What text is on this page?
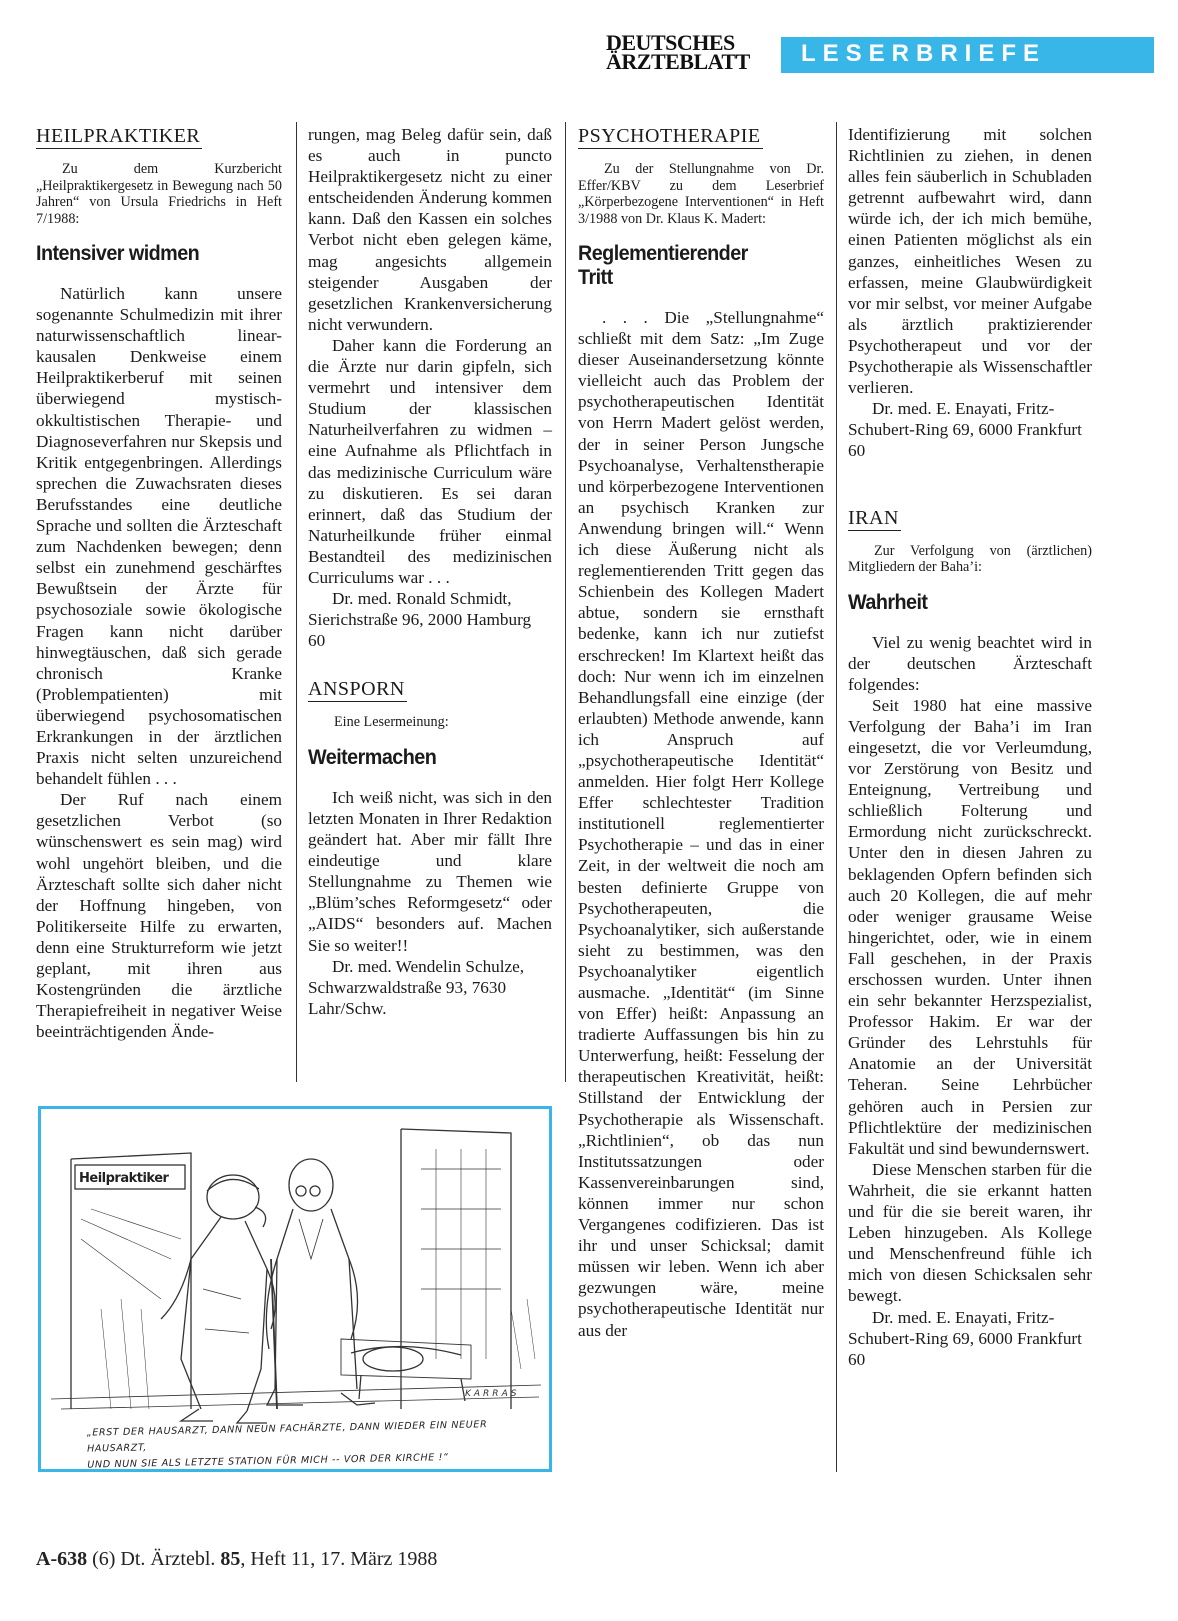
DEUTSCHES
ÄRZTEBLATT	LESERBRIEFE
HEILPRAKTIKER
Zu dem Kurzbericht „Heilpraktikergesetz in Bewegung nach 50 Jahren“ von Ursula Friedrichs in Heft 7/1988:
Intensiver widmen

Natürlich kann unsere sogenannte Schulmedizin mit ihrer naturwissenschaftlich linear-kausalen Denkweise einem Heilpraktikerberuf mit seinen überwiegend mystisch-okkultistischen Therapie- und Diagnoseverfahren nur Skepsis und Kritik entgegenbringen. Allerdings sprechen die Zuwachsraten dieses Berufsstandes eine deutliche Sprache und sollten die Ärzteschaft zum Nachdenken bewegen; denn selbst ein zunehmend geschärftes Bewußtsein der Ärzte für psychosoziale sowie ökologische Fragen kann nicht darüber hinwegtäuschen, daß sich gerade chronisch Kranke (Problempatienten) mit überwiegend psychosomatischen Erkrankungen in der ärztlichen Praxis nicht selten unzureichend behandelt fühlen . . .

Der Ruf nach einem gesetzlichen Verbot (so wünschenswert es sein mag) wird wohl ungehört bleiben, und die Ärzteschaft sollte sich daher nicht der Hoffnung hingeben, von Politikerseite Hilfe zu erwarten, denn eine Strukturreform wie jetzt geplant, mit ihren aus Kostengründen die ärztliche Therapiefreiheit in negativer Weise beeinträchtigenden Ände-

rungen, mag Beleg dafür sein, daß es auch in puncto Heilpraktikergesetz nicht zu einer entscheidenden Änderung kommen kann. Daß den Kassen ein solches Verbot nicht eben gelegen käme, mag angesichts allgemein steigender Ausgaben der gesetzlichen Krankenversicherung nicht verwundern.

Daher kann die Forderung an die Ärzte nur darin gipfeln, sich vermehrt und intensiver dem Studium der klassischen Naturheilverfahren zu widmen – eine Aufnahme als Pflichtfach in das medizinische Curriculum wäre zu diskutieren. Es sei daran erinnert, daß das Studium der Naturheilkunde früher einmal Bestandteil des medizinischen Curriculums war . . .

Dr. med. Ronald Schmidt, Sierichstraße 96, 2000 Hamburg 60

ANSPORN
Eine Lesermeinung:
Weitermachen

Ich weiß nicht, was sich in den letzten Monaten in Ihrer Redaktion geändert hat. Aber mir fällt Ihre eindeutige und klare Stellungnahme zu Themen wie „Blüm’sches Reformgesetz“ oder „AIDS“ besonders auf. Machen Sie so weiter!!

Dr. med. Wendelin Schulze, Schwarzwaldstraße 93, 7630 Lahr/Schw.

PSYCHOTHERAPIE
Zu der Stellungnahme von Dr. Effer/KBV zu dem Leserbrief „Körperbezogene Interventionen“ in Heft 3/1988 von Dr. Klaus K. Madert:
Reglementierender Tritt

. . . Die „Stellungnahme“ schließt mit dem Satz: „Im Zuge dieser Auseinandersetzung könnte vielleicht auch das Problem der psychotherapeutischen Identität von Herrn Madert gelöst werden, der in seiner Person Jungsche Psychoanalyse, Verhaltenstherapie und körperbezogene Interventionen an psychisch Kranken zur Anwendung bringen will.“ Wenn ich diese Äußerung nicht als reglementierenden Tritt gegen das Schienbein des Kollegen Madert abtue, sondern sie ernsthaft bedenke, kann ich nur zutiefst erschrecken! Im Klartext heißt das doch: Nur wenn ich im einzelnen Behandlungsfall eine einzige (der erlaubten) Methode anwende, kann ich Anspruch auf „psychotherapeutische Identität“ anmelden. Hier folgt Herr Kollege Effer schlechtester Tradition institutionell reglementierter Psychotherapie – und das in einer Zeit, in der weltweit die noch am besten definierte Gruppe von Psychotherapeuten, die Psychoanalytiker, sich außerstande sieht zu bestimmen, was den Psychoanalytiker eigentlich ausmache. „Identität“ (im Sinne von Effer) heißt: Anpassung an tradierte Auffassungen bis hin zu Unterwerfung, heißt: Fesselung der therapeutischen Kreativität, heißt: Stillstand der Entwicklung der Psychotherapie als Wissenschaft. „Richtlinien“, ob das nun Institutssatzungen oder Kassenvereinbarungen sind, können immer nur schon Vergangenes codifizieren. Das ist ihr und unser Schicksal; damit müssen wir leben. Wenn ich aber gezwungen wäre, meine psychotherapeutische Identität nur aus der

Identifizierung mit solchen Richtlinien zu ziehen, in denen alles fein säuberlich in Schubladen getrennt aufbewahrt wird, dann würde ich, der ich mich bemühe, einen Patienten möglichst als ein ganzes, einheitliches Wesen zu erfassen, meine Glaubwürdigkeit vor mir selbst, vor meiner Aufgabe als ärztlich praktizierender Psychotherapeut und vor der Psychotherapie als Wissenschaftler verlieren.

Dr. med. E. Enayati, Fritz-Schubert-Ring 69, 6000 Frankfurt 60

IRAN
Zur Verfolgung von (ärztlichen) Mitgliedern der Baha’i:
Wahrheit

Viel zu wenig beachtet wird in der deutschen Ärzteschaft folgendes:

Seit 1980 hat eine massive Verfolgung der Baha’i im Iran eingesetzt, die vor Verleumdung, vor Zerstörung von Besitz und Enteignung, Vertreibung und schließlich Folterung und Ermordung nicht zurückschreckt. Unter den in diesen Jahren zu beklagenden Opfern befinden sich auch 20 Kollegen, die auf mehr oder weniger grausame Weise hingerichtet, oder, wie in einem Fall geschehen, in der Praxis erschossen wurden. Unter ihnen ein sehr bekannter Herzspezialist, Professor Hakim. Er war der Gründer des Lehrstuhls für Anatomie an der Universität Teheran. Seine Lehrbücher gehören auch in Persien zur Pflichtlektüre der medizinischen Fakultät und sind bewundernswert.

Diese Menschen starben für die Wahrheit, die sie erkannt hatten und für die sie bereit waren, ihr Leben hinzugeben. Als Kollege und Menschenfreund fühle ich mich von diesen Schicksalen sehr bewegt.

Dr. med. E. Enayati, Fritz-Schubert-Ring 69, 6000 Frankfurt 60

Heilpraktiker
KARRAS
„ERST DER HAUSARZT, DANN NEUN FACHÄRZTE, DANN WIEDER EIN NEUER HAUSARZT,
UND NUN SIE ALS LETZTE STATION FÜR MICH -- VOR DER KIRCHE !“
A-638 (6) Dt. Ärztebl. 85, Heft 11, 17. März 1988
